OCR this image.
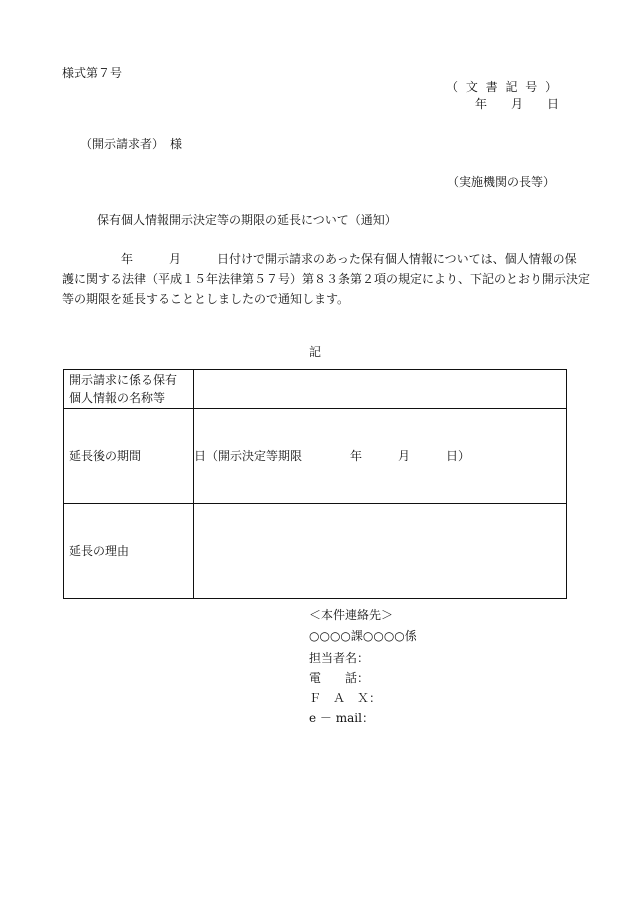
様式第７号
（ 文 書 記 号 ）
年　　月　　日
（開示請求者）　様
（実施機関の長等）
保有個人情報開示決定等の期限の延長について（通知）
年　　　月　　　日付けで開示請求のあった保有個人情報については、個人情報の保
護に関する法律（平成１５年法律第５７号）第８３条第２項の規定により、下記のとおり開示決定
等の期限を延長することとしましたので通知します。
記
開示請求に係る保有
個人情報の名称等	

延長後の期間	日（開示決定等期限　　　　年　　　月　　　日）
延長の理由	
＜本件連絡先＞
○○○○課○○○○係
担当者名：
電　　話：
Ｆ　Ａ　Ｘ：
e － mail：
